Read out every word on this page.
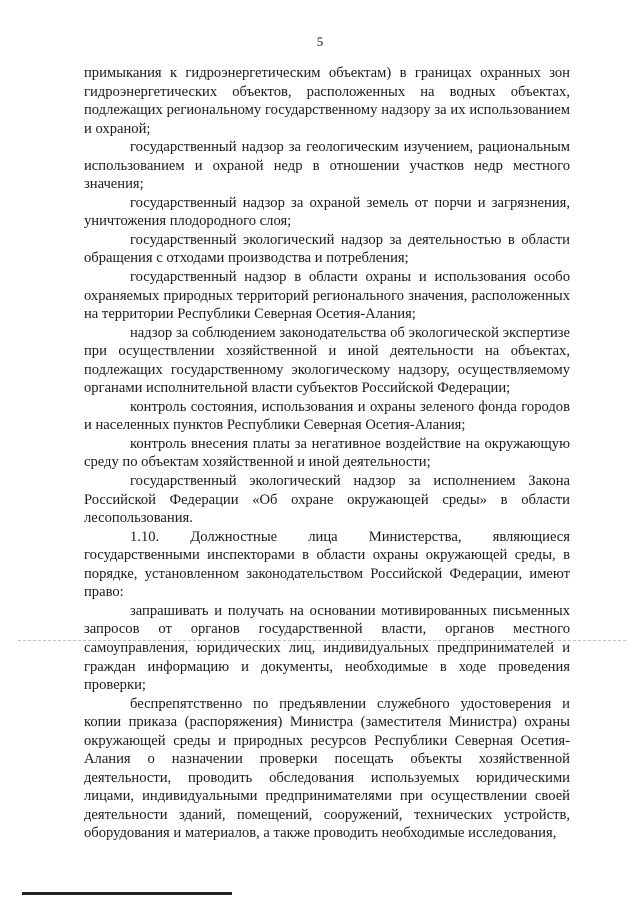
5

примыкания к гидроэнергетическим объектам) в границах охранных зон гидроэнергетических объектов, расположенных на водных объектах, подлежащих региональному государственному надзору за их использованием и охраной;

государственный надзор за геологическим изучением, рациональным использованием и охраной недр в отношении участков недр местного значения;

государственный надзор за охраной земель от порчи и загрязнения, уничтожения плодородного слоя;

государственный экологический надзор за деятельностью в области обращения с отходами производства и потребления;

государственный надзор в области охраны и использования особо охраняемых природных территорий регионального значения, расположенных на территории Республики Северная Осетия-Алания;

надзор за соблюдением законодательства об экологической экспертизе при осуществлении хозяйственной и иной деятельности на объектах, подлежащих государственному экологическому надзору, осуществляемому органами исполнительной власти субъектов Российской Федерации;

контроль состояния, использования и охраны зеленого фонда городов и населенных пунктов Республики Северная Осетия-Алания;

контроль внесения платы за негативное воздействие на окружающую среду по объектам хозяйственной и иной деятельности;

государственный экологический надзор за исполнением Закона Российской Федерации «Об охране окружающей среды» в области лесопользования.

1.10. Должностные лица Министерства, являющиеся государственными инспекторами в области охраны окружающей среды, в порядке, установленном законодательством Российской Федерации, имеют право:

запрашивать и получать на основании мотивированных письменных запросов от органов государственной власти, органов местного самоуправления, юридических лиц, индивидуальных предпринимателей и граждан информацию и документы, необходимые в ходе проведения проверки;

беспрепятственно по предъявлении служебного удостоверения и копии приказа (распоряжения) Министра (заместителя Министра) охраны окружающей среды и природных ресурсов Республики Северная Осетия-Алания о назначении проверки посещать объекты хозяйственной деятельности, проводить обследования используемых юридическими лицами, индивидуальными предпринимателями при осуществлении своей деятельности зданий, помещений, сооружений, технических устройств, оборудования и материалов, а также проводить необходимые исследования,
